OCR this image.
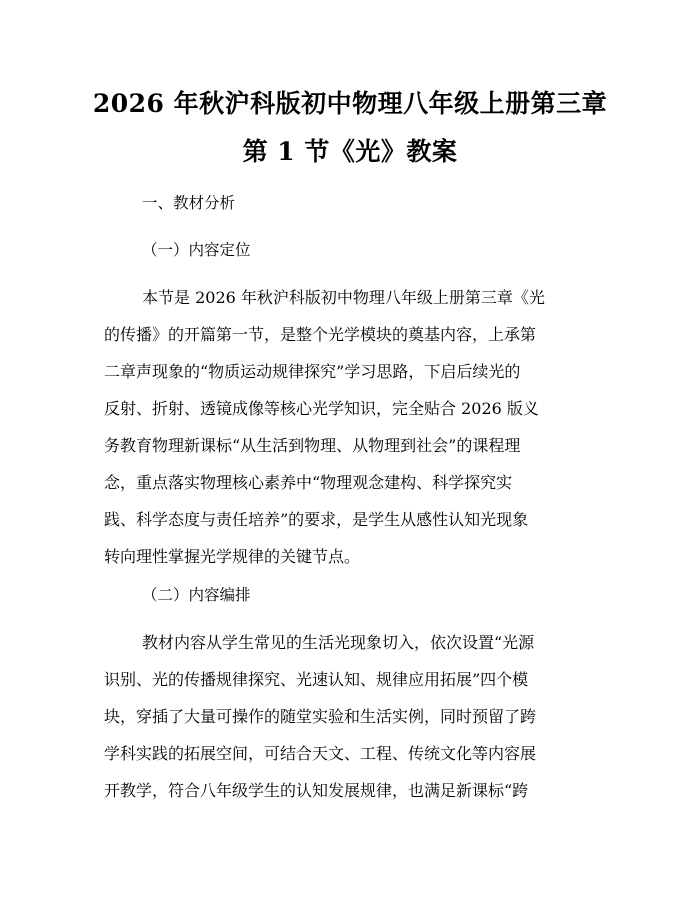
2026 年秋沪科版初中物理八年级上册第三章
第 1 节《光》教案
一、教材分析
（一）内容定位
本节是 2026 年秋沪科版初中物理八年级上册第三章《光
的传播》的开篇第一节，是整个光学模块的奠基内容，上承第
二章声现象的“物质运动规律探究”学习思路，下启后续光的
反射、折射、透镜成像等核心光学知识，完全贴合 2026 版义
务教育物理新课标“从生活到物理、从物理到社会”的课程理
念，重点落实物理核心素养中“物理观念建构、科学探究实
践、科学态度与责任培养”的要求，是学生从感性认知光现象
转向理性掌握光学规律的关键节点。
（二）内容编排
教材内容从学生常见的生活光现象切入，依次设置“光源
识别、光的传播规律探究、光速认知、规律应用拓展”四个模
块，穿插了大量可操作的随堂实验和生活实例，同时预留了跨
学科实践的拓展空间，可结合天文、工程、传统文化等内容展
开教学，符合八年级学生的认知发展规律，也满足新课标“跨
